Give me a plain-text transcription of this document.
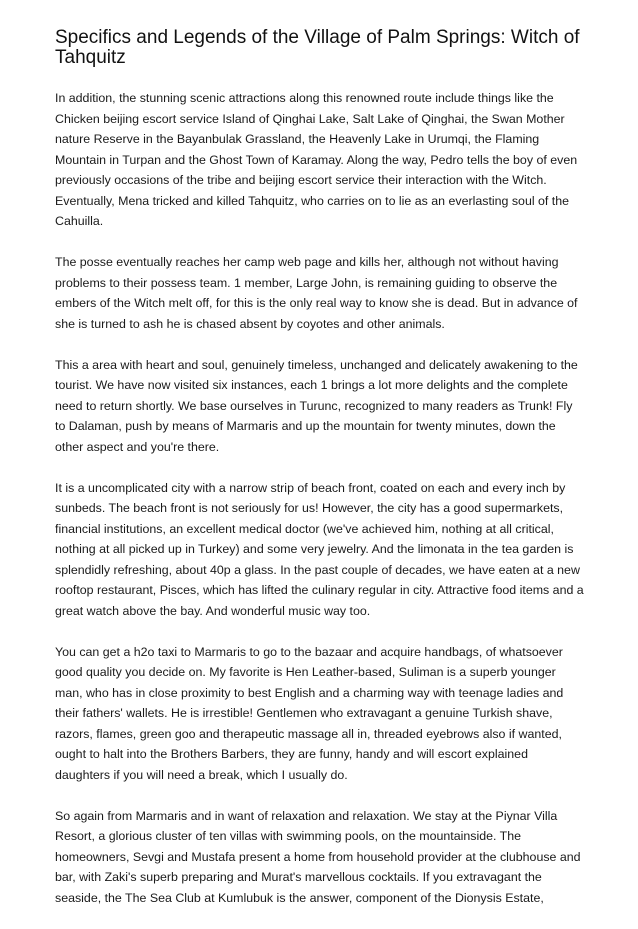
Specifics and Legends of the Village of Palm Springs: Witch of Tahquitz

In addition, the stunning scenic attractions along this renowned route include things like the Chicken beijing escort service Island of Qinghai Lake, Salt Lake of Qinghai, the Swan Mother nature Reserve in the Bayanbulak Grassland, the Heavenly Lake in Urumqi, the Flaming Mountain in Turpan and the Ghost Town of Karamay. Along the way, Pedro tells the boy of even previously occasions of the tribe and beijing escort service their interaction with the Witch. Eventually, Mena tricked and killed Tahquitz, who carries on to lie as an everlasting soul of the Cahuilla.

The posse eventually reaches her camp web page and kills her, although not without having problems to their possess team. 1 member, Large John, is remaining guiding to observe the embers of the Witch melt off, for this is the only real way to know she is dead. But in advance of she is turned to ash he is chased absent by coyotes and other animals.

This a area with heart and soul, genuinely timeless, unchanged and delicately awakening to the tourist. We have now visited six instances, each 1 brings a lot more delights and the complete need to return shortly. We base ourselves in Turunc, recognized to many readers as Trunk! Fly to Dalaman, push by means of Marmaris and up the mountain for twenty minutes, down the other aspect and you're there.

It is a uncomplicated city with a narrow strip of beach front, coated on each and every inch by sunbeds. The beach front is not seriously for us! However, the city has a good supermarkets, financial institutions, an excellent medical doctor (we've achieved him, nothing at all critical, nothing at all picked up in Turkey) and some very jewelry. And the limonata in the tea garden is splendidly refreshing, about 40p a glass. In the past couple of decades, we have eaten at a new rooftop restaurant, Pisces, which has lifted the culinary regular in city. Attractive food items and a great watch above the bay. And wonderful music way too.

You can get a h2o taxi to Marmaris to go to the bazaar and acquire handbags, of whatsoever good quality you decide on. My favorite is Hen Leather-based, Suliman is a superb younger man, who has in close proximity to best English and a charming way with teenage ladies and their fathers' wallets. He is irrestible! Gentlemen who extravagant a genuine Turkish shave, razors, flames, green goo and therapeutic massage all in, threaded eyebrows also if wanted, ought to halt into the Brothers Barbers, they are funny, handy and will escort explained daughters if you will need a break, which I usually do.

So again from Marmaris and in want of relaxation and relaxation. We stay at the Piynar Villa Resort, a glorious cluster of ten villas with swimming pools, on the mountainside. The homeowners, Sevgi and Mustafa present a home from household provider at the clubhouse and bar, with Zaki's superb preparing and Murat's marvellous cocktails. If you extravagant the seaside, the The Sea Club at Kumlubuk is the answer, component of the Dionysis Estate,
